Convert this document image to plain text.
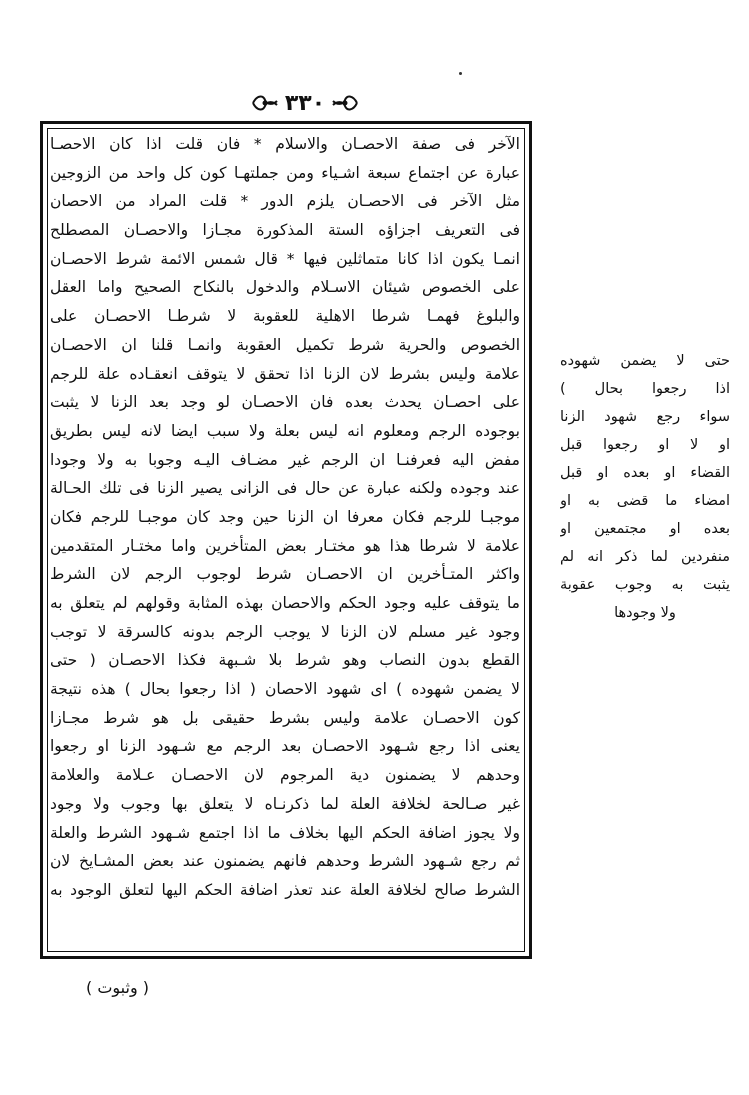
٣٣٠
الآخر فى صفة الاحصـان والاسلام * فان قلت اذا كان الاحصـا
عبارة عن اجتماع سبعة اشـياء ومن جملتهـا كون كل واحد من الزوجين
مثل الآخر فى الاحصـان يلزم الدور * قلت المراد من الاحصان
فى التعريف اجزاؤه الستة المذكورة مجـازا والاحصـان المصطلح
انمـا يكون اذا كانا متماثلين فيها * قال شمس الائمة شرط الاحصـان
على الخصوص شيئان الاسـلام والدخول بالنكاح الصحيح واما العقل
والبلوغ فهمـا شرطا الاهلية للعقوبة لا شرطـا الاحصـان على
الخصوص والحرية شرط تكميل العقوبة وانمـا قلنا ان الاحصـان
علامة وليس بشرط لان الزنا اذا تحقق لا يتوقف انعقـاده علة للرجم
على احصـان يحدث بعده فان الاحصـان لو وجد بعد الزنا لا يثبت
بوجوده الرجم ومعلوم انه ليس بعلة ولا سبب ايضا لانه ليس بطريق
مفض اليه فعرفنـا ان الرجم غير مضـاف اليـه وجوبا به ولا وجودا
عند وجوده ولكنه عبارة عن حال فى الزانى يصير الزنا فى تلك الحـالة
موجبـا للرجم فكان معرفا ان الزنا حين وجد كان موجبـا للرجم فكان
علامة لا شرطا هذا هو مختـار بعض المتأخرين واما مختـار المتقدمين
واكثر المتـأخرين ان الاحصـان شرط لوجوب الرجم لان الشرط
ما يتوقف عليه وجود الحكم والاحصان بهذه المثابة وقولهم لم يتعلق به
وجود غير مسلم لان الزنا لا يوجب الرجم بدونه كالسرقة لا توجب
القطع بدون النصاب وهو شرط بلا شـبهة فكذا الاحصـان ( حتى
لا يضمن شهوده ) اى شهود الاحصان ( اذا رجعوا بحال ) هذه نتيجة
كون الاحصـان علامة وليس بشرط حقيقى بل هو شرط مجـازا
يعنى اذا رجع شـهود الاحصـان بعد الرجم مع شـهود الزنا او رجعوا
وحدهم لا يضمنون دية المرجوم لان الاحصـان عـلامة والعلامة
غير صـالحة لخلافة العلة لما ذكرنـاه لا يتعلق بها وجوب ولا وجود
ولا يجوز اضافة الحكم اليها بخلاف ما اذا اجتمع شـهود الشرط والعلة
ثم رجع شـهود الشرط وحدهم فانهم يضمنون عند بعض المشـايخ لان
الشرط صالح لخلافة العلة عند تعذر اضافة الحكم اليها لتعلق الوجود به
حتى لا يضمن شهوده
اذا رجعوا بحال )
سواء رجع شهود الزنا
او لا او رجعوا قبل
القضاء او بعده او قبل
امضاء ما قضى به او
بعده او مجتمعين او
منفردين لما ذكر انه لم
يثبت به وجوب عقوبة
ولا وجودها
( وثبوت )
